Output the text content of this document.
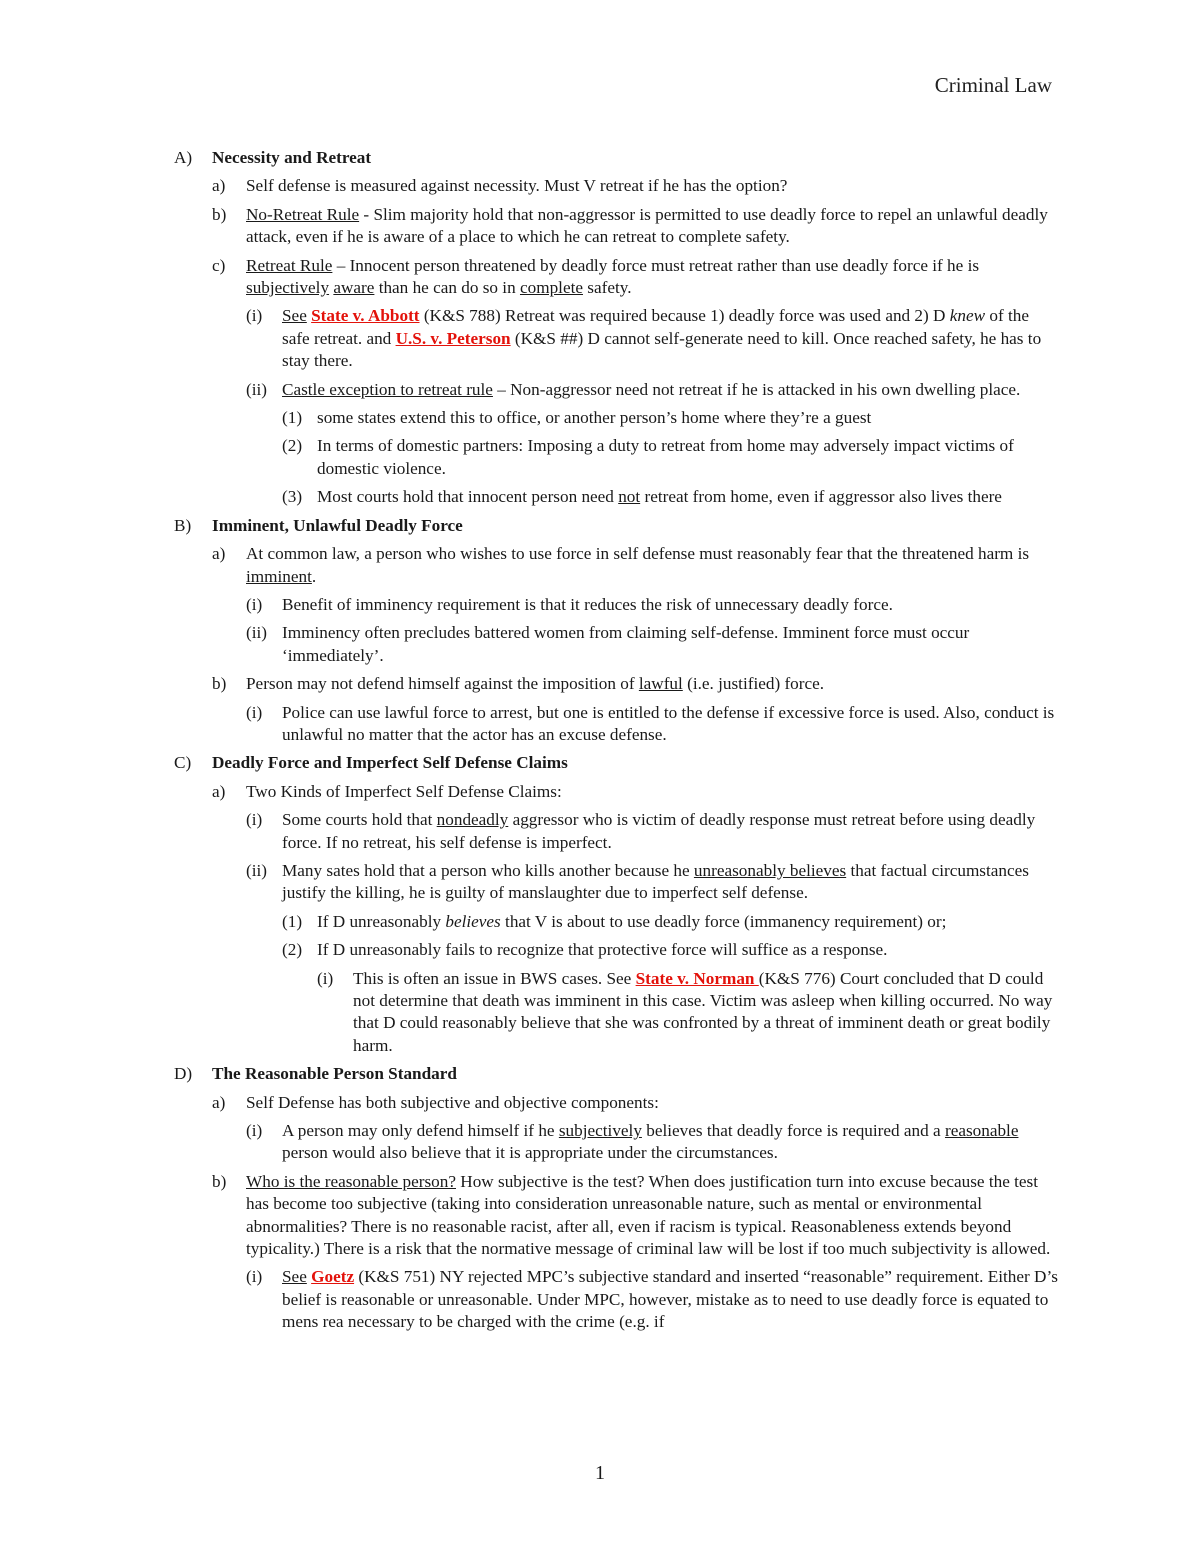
Criminal Law
A) Necessity and Retreat
a) Self defense is measured against necessity. Must V retreat if he has the option?
b) No-Retreat Rule - Slim majority hold that non-aggressor is permitted to use deadly force to repel an unlawful deadly attack, even if he is aware of a place to which he can retreat to complete safety.
c) Retreat Rule – Innocent person threatened by deadly force must retreat rather than use deadly force if he is subjectively aware than he can do so in complete safety.
(i) See State v. Abbott (K&S 788) Retreat was required because 1) deadly force was used and 2) D knew of the safe retreat. and U.S. v. Peterson (K&S ##) D cannot self-generate need to kill. Once reached safety, he has to stay there.
(ii) Castle exception to retreat rule – Non-aggressor need not retreat if he is attacked in his own dwelling place.
(1) some states extend this to office, or another person’s home where they’re a guest
(2) In terms of domestic partners: Imposing a duty to retreat from home may adversely impact victims of domestic violence.
(3) Most courts hold that innocent person need not retreat from home, even if aggressor also lives there
B) Imminent, Unlawful Deadly Force
a) At common law, a person who wishes to use force in self defense must reasonably fear that the threatened harm is imminent.
(i) Benefit of imminency requirement is that it reduces the risk of unnecessary deadly force.
(ii) Imminency often precludes battered women from claiming self-defense. Imminent force must occur ‘immediately’.
b) Person may not defend himself against the imposition of lawful (i.e. justified) force.
(i) Police can use lawful force to arrest, but one is entitled to the defense if excessive force is used. Also, conduct is unlawful no matter that the actor has an excuse defense.
C) Deadly Force and Imperfect Self Defense Claims
a) Two Kinds of Imperfect Self Defense Claims:
(i) Some courts hold that nondeadly aggressor who is victim of deadly response must retreat before using deadly force. If no retreat, his self defense is imperfect.
(ii) Many sates hold that a person who kills another because he unreasonably believes that factual circumstances justify the killing, he is guilty of manslaughter due to imperfect self defense.
(1) If D unreasonably believes that V is about to use deadly force (immanency requirement) or;
(2) If D unreasonably fails to recognize that protective force will suffice as a response.
(i) This is often an issue in BWS cases. See State v. Norman (K&S 776) Court concluded that D could not determine that death was imminent in this case. Victim was asleep when killing occurred. No way that D could reasonably believe that she was confronted by a threat of imminent death or great bodily harm.
D) The Reasonable Person Standard
a) Self Defense has both subjective and objective components:
(i) A person may only defend himself if he subjectively believes that deadly force is required and a reasonable person would also believe that it is appropriate under the circumstances.
b) Who is the reasonable person? How subjective is the test? When does justification turn into excuse because the test has become too subjective (taking into consideration unreasonable nature, such as mental or environmental abnormalities? There is no reasonable racist, after all, even if racism is typical. Reasonableness extends beyond typicality.) There is a risk that the normative message of criminal law will be lost if too much subjectivity is allowed.
(i) See Goetz (K&S 751) NY rejected MPC’s subjective standard and inserted “reasonable” requirement. Either D’s belief is reasonable or unreasonable. Under MPC, however, mistake as to need to use deadly force is equated to mens rea necessary to be charged with the crime (e.g. if
1
